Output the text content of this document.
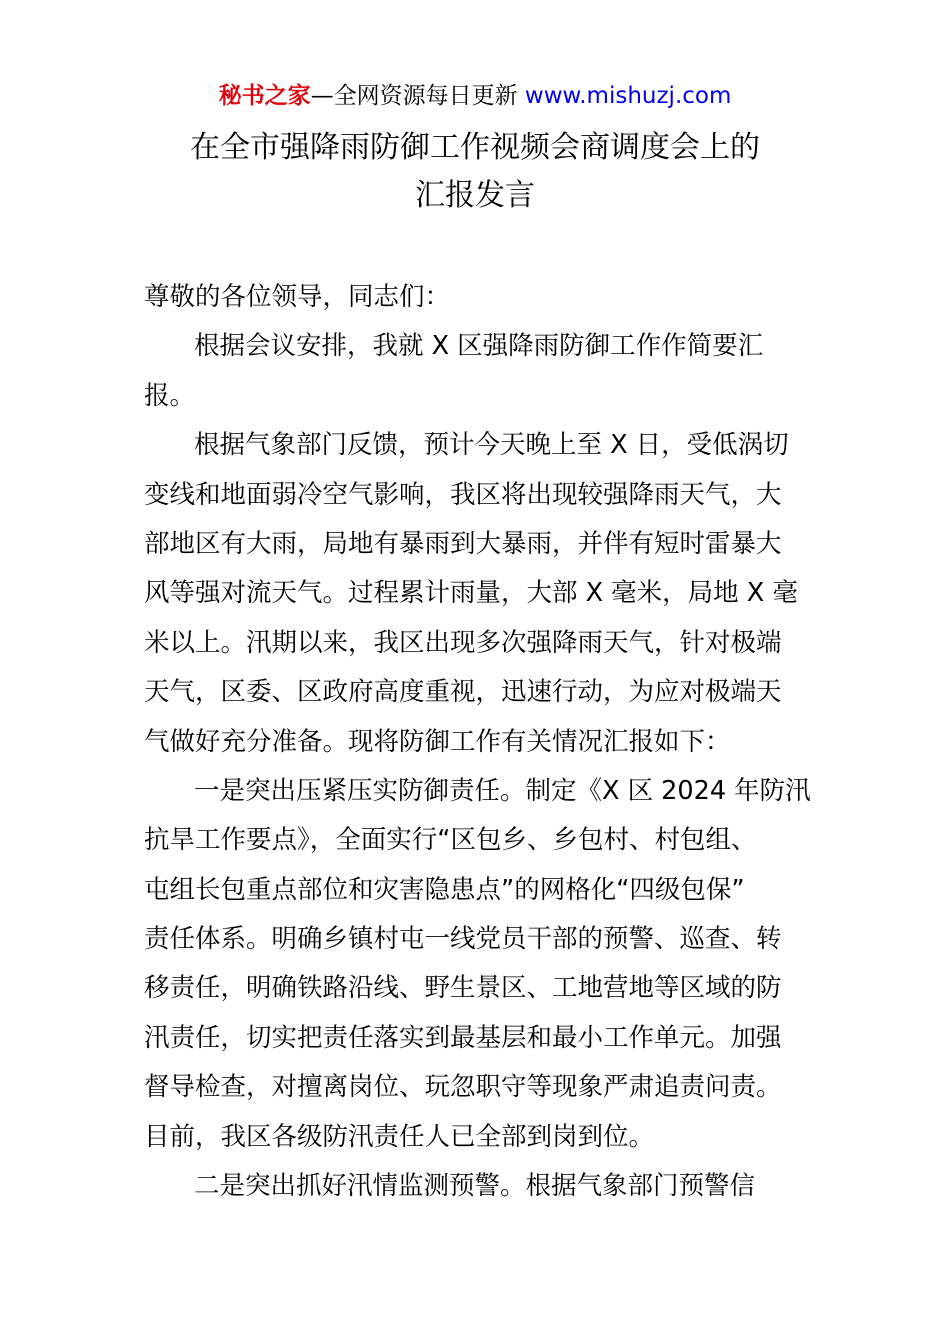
秘书之家—全网资源每日更新 www.mishuzj.com
在全市强降雨防御工作视频会商调度会上的
汇报发言
尊敬的各位领导，同志们：
根据会议安排，我就 X 区强降雨防御工作作简要汇
报。
根据气象部门反馈，预计今天晚上至 X 日，受低涡切
变线和地面弱冷空气影响，我区将出现较强降雨天气，大
部地区有大雨，局地有暴雨到大暴雨，并伴有短时雷暴大
风等强对流天气。过程累计雨量，大部 X 毫米，局地 X 毫
米以上。汛期以来，我区出现多次强降雨天气，针对极端
天气，区委、区政府高度重视，迅速行动，为应对极端天
气做好充分准备。现将防御工作有关情况汇报如下：
一是突出压紧压实防御责任。制定《X 区 2024 年防汛
抗旱工作要点》，全面实行“区包乡、乡包村、村包组、
屯组长包重点部位和灾害隐患点”的网格化“四级包保”
责任体系。明确乡镇村屯一线党员干部的预警、巡查、转
移责任，明确铁路沿线、野生景区、工地营地等区域的防
汛责任，切实把责任落实到最基层和最小工作单元。加强
督导检查，对擅离岗位、玩忽职守等现象严肃追责问责。
目前，我区各级防汛责任人已全部到岗到位。
二是突出抓好汛情监测预警。根据气象部门预警信
